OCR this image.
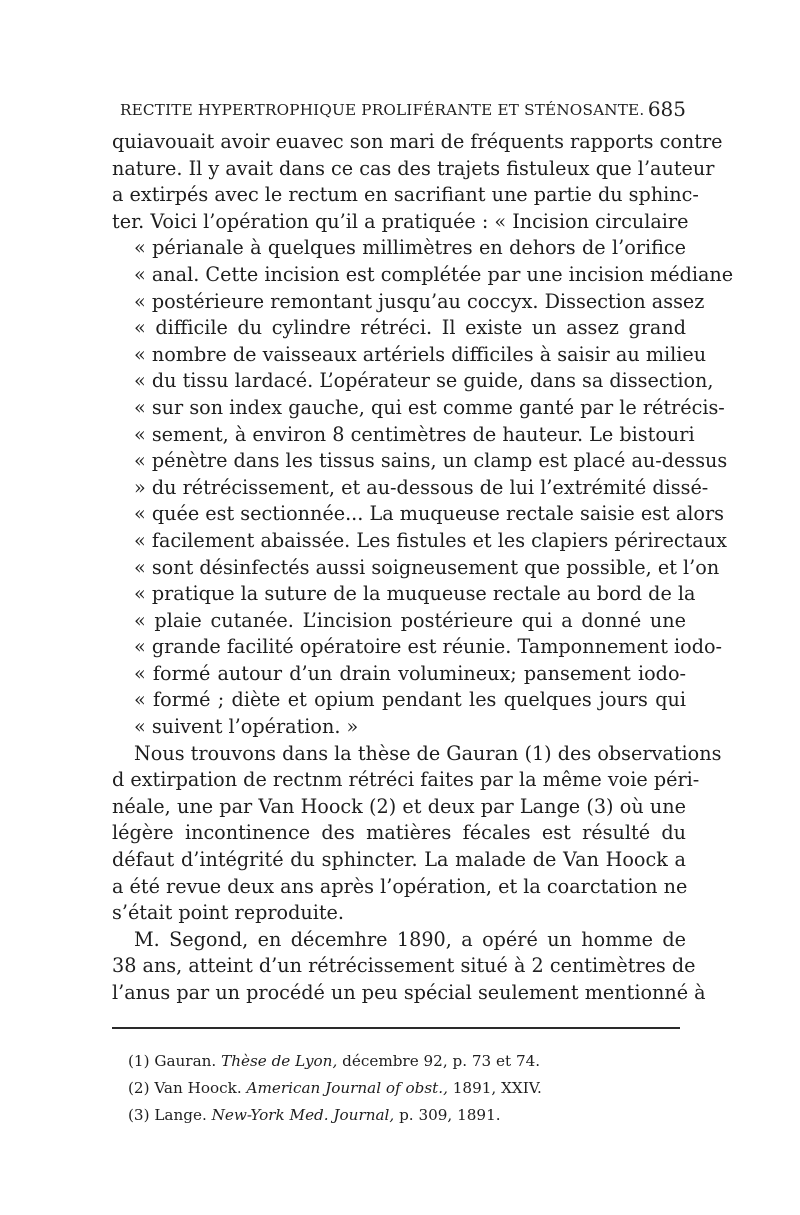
RECTITE HYPERTROPHIQUE PROLIFÉRANTE ET STÉNOSANTE. 685
quiavouait avoir euavec son mari de fréquents rapports contre
nature. Il y avait dans ce cas des trajets fistuleux que l’auteur
a extirpés avec le rectum en sacrifiant une partie du sphinc-
ter. Voici l’opération qu’il a pratiquée : « Incision circulaire
« périanale à quelques millimètres en dehors de l’orifice
« anal. Cette incision est complétée par une incision médiane
« postérieure remontant jusqu’au coccyx. Dissection assez
« difficile du cylindre rétréci. Il existe un assez grand
« nombre de vaisseaux artériels difficiles à saisir au milieu
« du tissu lardacé. L’opérateur se guide, dans sa dissection,
« sur son index gauche, qui est comme ganté par le rétrécis-
« sement, à environ 8 centimètres de hauteur. Le bistouri
« pénètre dans les tissus sains, un clamp est placé au-dessus
» du rétrécissement, et au-dessous de lui l’extrémité dissé-
« quée est sectionnée... La muqueuse rectale saisie est alors
« facilement abaissée. Les fistules et les clapiers périrectaux
« sont désinfectés aussi soigneusement que possible, et l’on
« pratique la suture de la muqueuse rectale au bord de la
« plaie cutanée. L’incision postérieure qui a donné une
« grande facilité opératoire est réunie. Tamponnement iodo-
« formé autour d’un drain volumineux; pansement iodo-
« formé ; diète et opium pendant les quelques jours qui
« suivent l’opération. »
Nous trouvons dans la thèse de Gauran (1) des observations
d extirpation de rectnm rétréci faites par la même voie péri-
néale, une par Van Hoock (2) et deux par Lange (3) où une
légère incontinence des matières fécales est résulté du
défaut d’intégrité du sphincter. La malade de Van Hoock a
a été revue deux ans après l’opération, et la coarctation ne
s’était point reproduite.
M. Segond, en décemhre 1890, a opéré un homme de
38 ans, atteint d’un rétrécissement situé à 2 centimètres de
l’anus par un procédé un peu spécial seulement mentionné à
(1) Gauran. Thèse de Lyon, décembre 92, p. 73 et 74.
(2) Van Hoock. American Journal of obst., 1891, XXIV.
(3) Lange. New-York Med. Journal, p. 309, 1891.
